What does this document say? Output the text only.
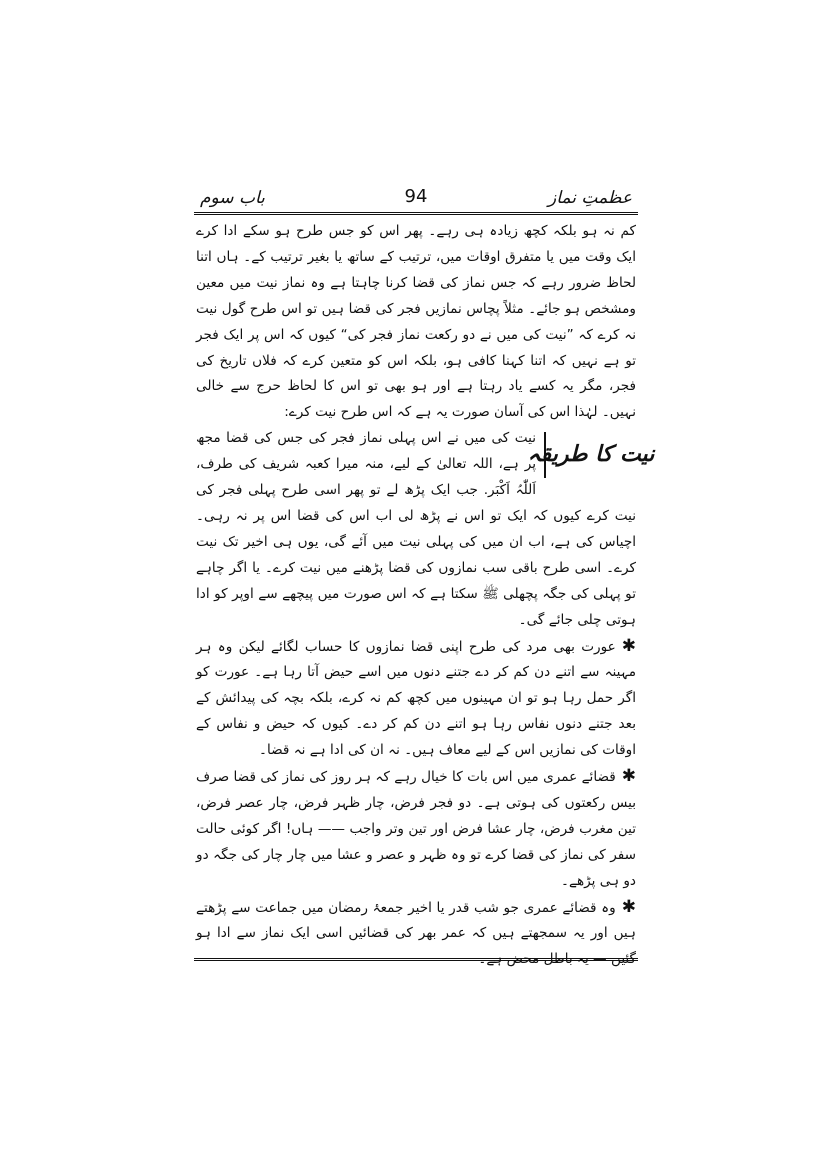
عظمتِ نماز
94
باب سوم

کم نہ ہو بلکہ کچھ زیادہ ہی رہے۔ پھر اس کو جس طرح ہو سکے ادا کرے ایک وقت میں یا متفرق اوقات میں، ترتیب کے ساتھ یا بغیر ترتیب کے۔ ہاں اتنا لحاظ ضرور رہے کہ جس نماز کی قضا کرنا چاہتا ہے وہ نماز نیت میں معین ومشخص ہو جائے۔ مثلاً پچاس نمازیں فجر کی قضا ہیں تو اس طرح گول نیت نہ کرے کہ ”نیت کی میں نے دو رکعت نماز فجر کی“ کیوں کہ اس پر ایک فجر تو ہے نہیں کہ اتنا کہنا کافی ہو، بلکہ اس کو متعین کرے کہ فلاں تاریخ کی فجر، مگر یہ کسے یاد رہتا ہے اور ہو بھی تو اس کا لحاظ حرج سے خالی نہیں۔ لہٰذا اس کی آسان صورت یہ ہے کہ اس طرح نیت کرے:

نیت کا طریقہ

نیت کی میں نے اس پہلی نماز فجر کی جس کی قضا مجھ پر ہے، اللہ تعالیٰ کے لیے، منہ میرا کعبہ شریف کی طرف، اَللّٰہُ اَکْبَر. جب ایک پڑھ لے تو پھر اسی طرح پہلی فجر کی نیت کرے کیوں کہ ایک تو اس نے پڑھ لی اب اس کی قضا اس پر نہ رہی۔ اچیاس کی ہے، اب ان میں کی پہلی نیت میں آئے گی، یوں ہی اخیر تک نیت کرے۔ اسی طرح باقی سب نمازوں کی قضا پڑھنے میں نیت کرے۔ یا اگر چاہے تو پہلی کی جگہ پچھلی ﷺ سکتا ہے کہ اس صورت میں پیچھے سے اوپر کو ادا ہوتی چلی جائے گی۔

✱عورت بھی مرد کی طرح اپنی قضا نمازوں کا حساب لگائے لیکن وہ ہر مہینہ سے اتنے دن کم کر دے جتنے دنوں میں اسے حیض آتا رہا ہے۔ عورت کو اگر حمل رہا ہو تو ان مہینوں میں کچھ کم نہ کرے، بلکہ بچہ کی پیدائش کے بعد جتنے دنوں نفاس رہا ہو اتنے دن کم کر دے۔ کیوں کہ حیض و نفاس کے اوقات کی نمازیں اس کے لیے معاف ہیں۔ نہ ان کی ادا ہے نہ قضا۔

✱قضائے عمری میں اس بات کا خیال رہے کہ ہر روز کی نماز کی قضا صرف بیس رکعتوں کی ہوتی ہے۔ دو فجر فرض، چار ظہر فرض، چار عصر فرض، تین مغرب فرض، چار عشا فرض اور تین وتر واجب —— ہاں! اگر کوئی حالت سفر کی نماز کی قضا کرے تو وہ ظہر و عصر و عشا میں چار چار کی جگہ دو دو ہی پڑھے۔

✱وہ قضائے عمری جو شب قدر یا اخیر جمعۂ رمضان میں جماعت سے پڑھتے ہیں اور یہ سمجھتے ہیں کہ عمر بھر کی قضائیں اسی ایک نماز سے ادا ہو گئیں — یہ باطل محض ہے۔
